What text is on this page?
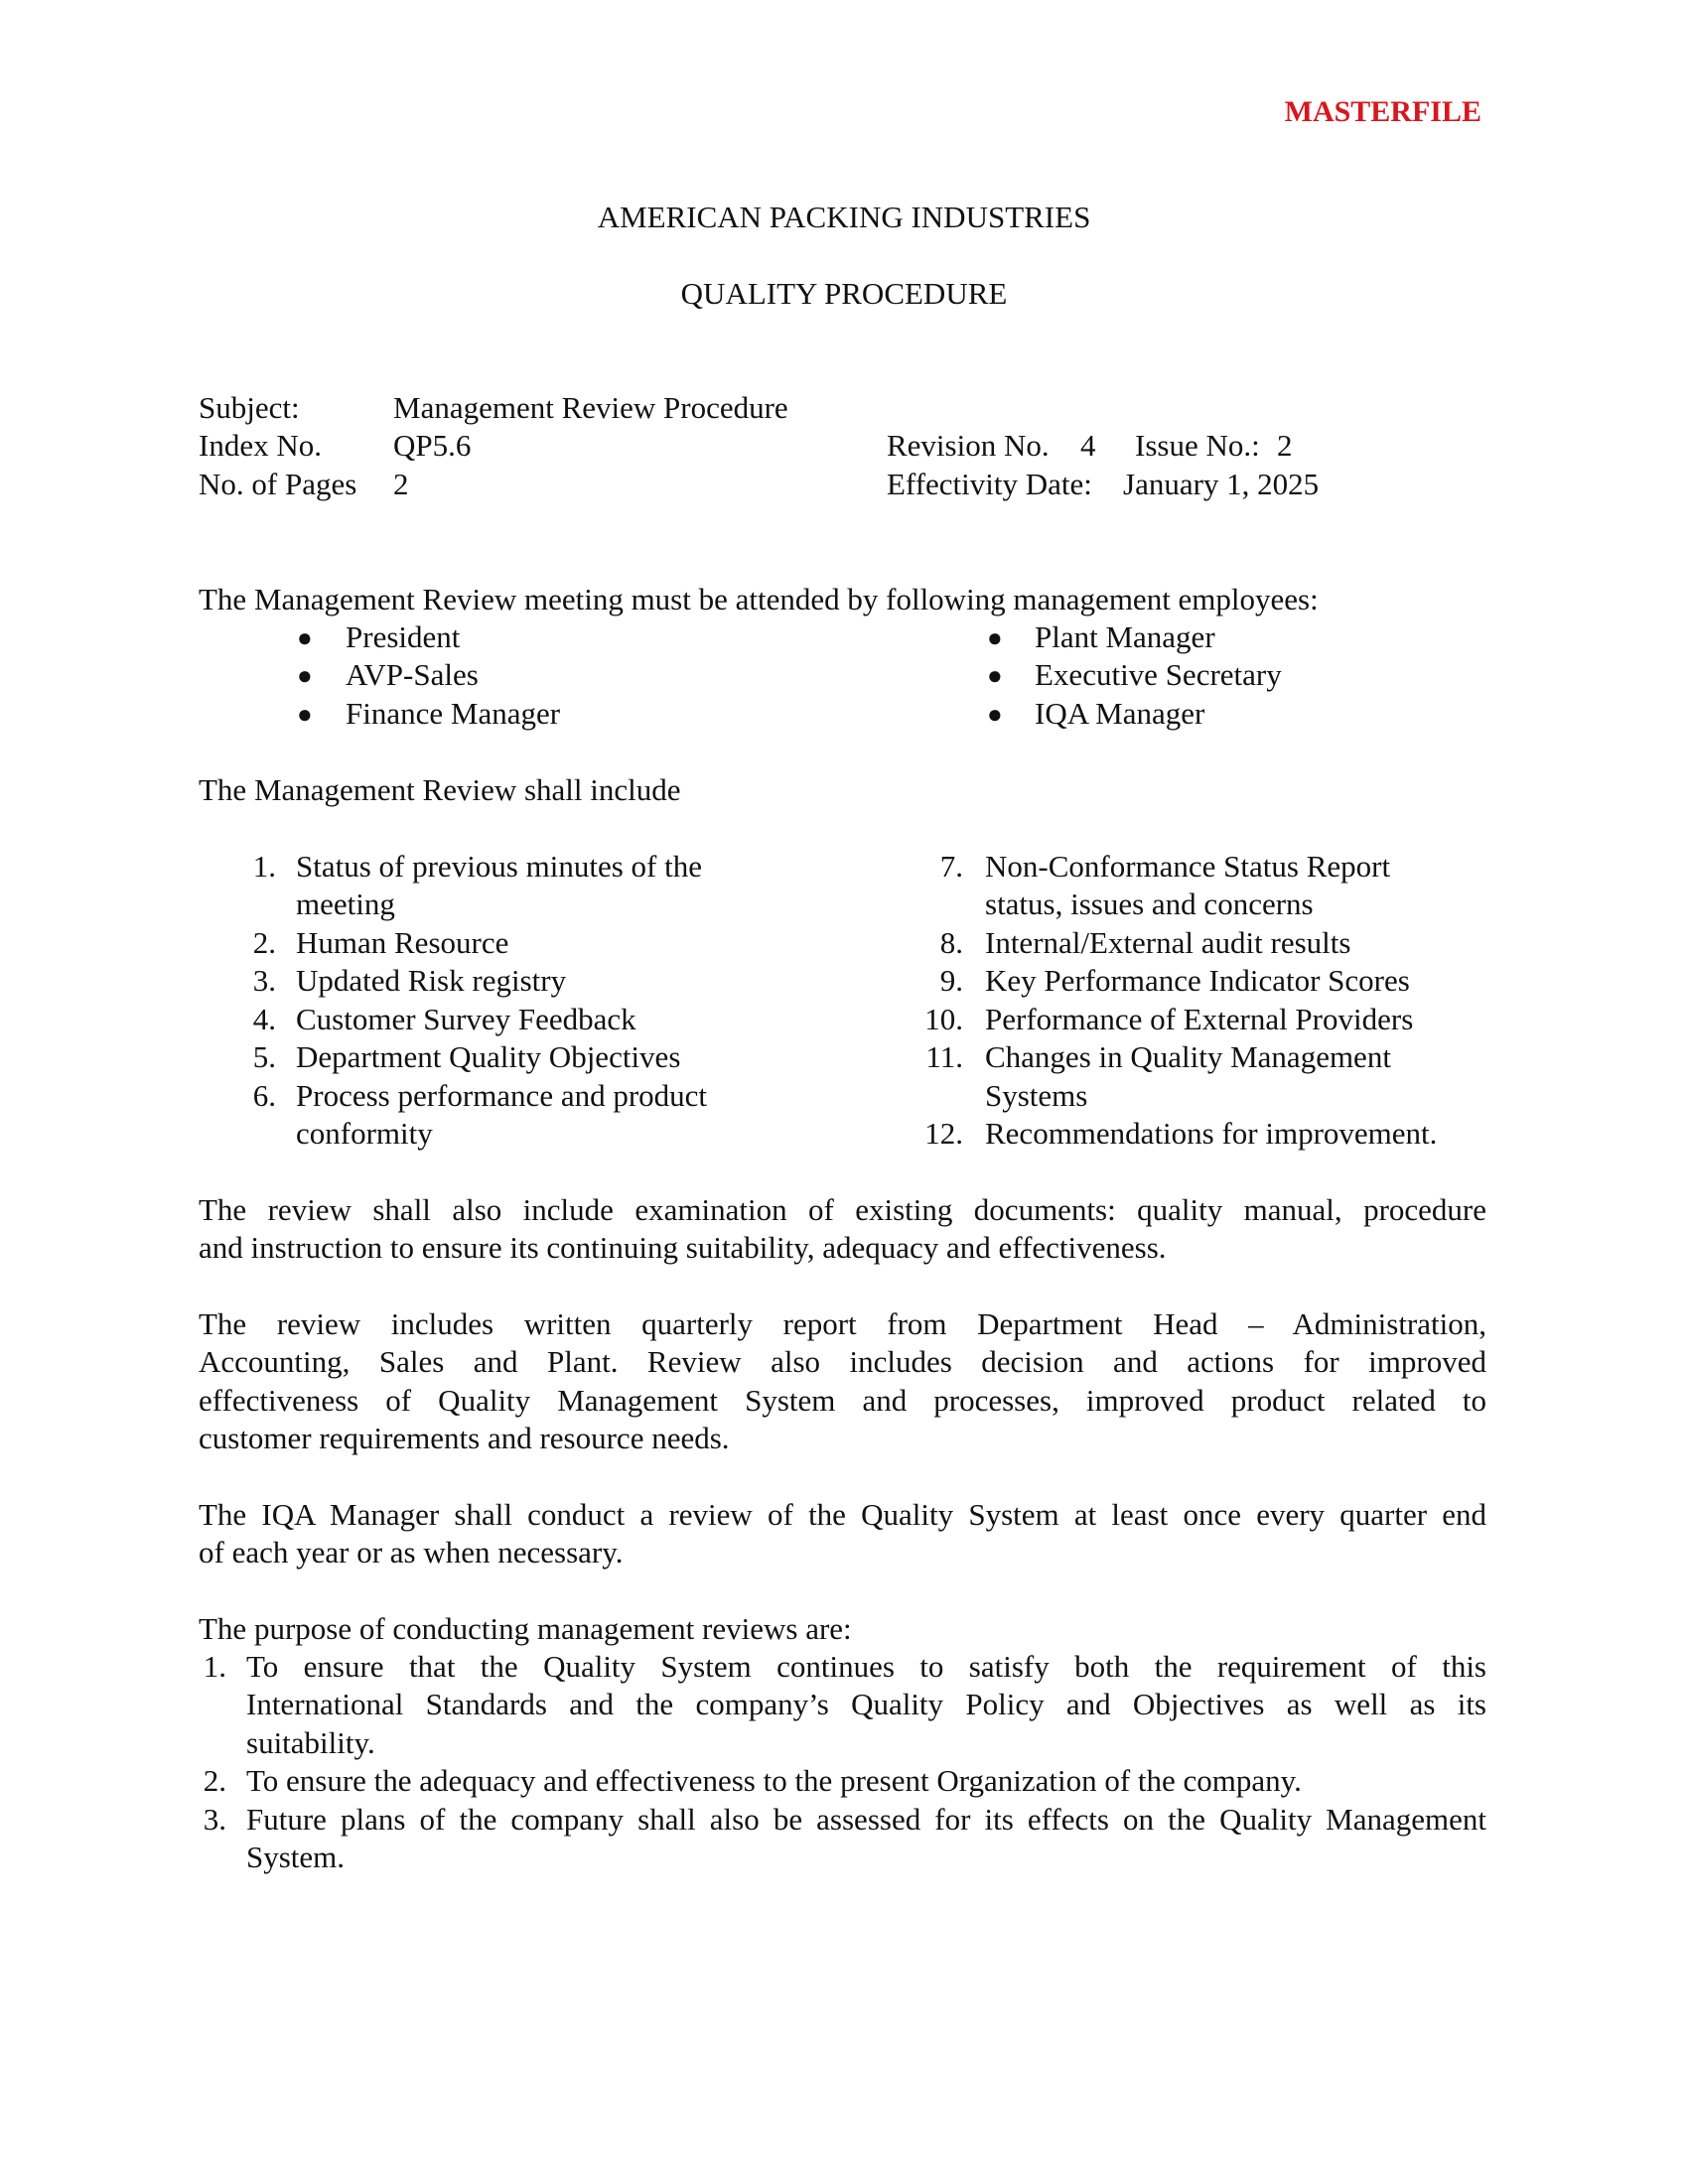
MASTERFILE
AMERICAN PACKING INDUSTRIES
QUALITY PROCEDURE
Subject:	Management Review Procedure
Index No. QP5.6
No. of Pages 2
Revision No. 4 Issue No.: 2
Effectivity Date: January 1, 2025
The Management Review meeting must be attended by following management employees:
● President
● AVP-Sales
● Finance Manager
● Plant Manager
● Executive Secretary
● IQA Manager
The Management Review shall include
1. Status of previous minutes of the
meeting
2. Human Resource
3. Updated Risk registry
4. Customer Survey Feedback
5. Department Quality Objectives
6. Process performance and product
conformity
7. Non-Conformance Status Report
status, issues and concerns
8. Internal/External audit results
9. Key Performance Indicator Scores
10. Performance of External Providers
11. Changes in Quality Management
Systems
12. Recommendations for improvement.
The review shall also include examination of existing documents: quality manual, procedure
and instruction to ensure its continuing suitability, adequacy and effectiveness.
The review includes written quarterly report from Department Head – Administration,
Accounting, Sales and Plant. Review also includes decision and actions for improved
effectiveness of Quality Management System and processes, improved product related to
customer requirements and resource needs.
The IQA Manager shall conduct a review of the Quality System at least once every quarter end
of each year or as when necessary.
The purpose of conducting management reviews are:
1. To ensure that the Quality System continues to satisfy both the requirement of this
International Standards and the company’s Quality Policy and Objectives as well as its
suitability.
2. To ensure the adequacy and effectiveness to the present Organization of the company.
3. Future plans of the company shall also be assessed for its effects on the Quality Management
System.
